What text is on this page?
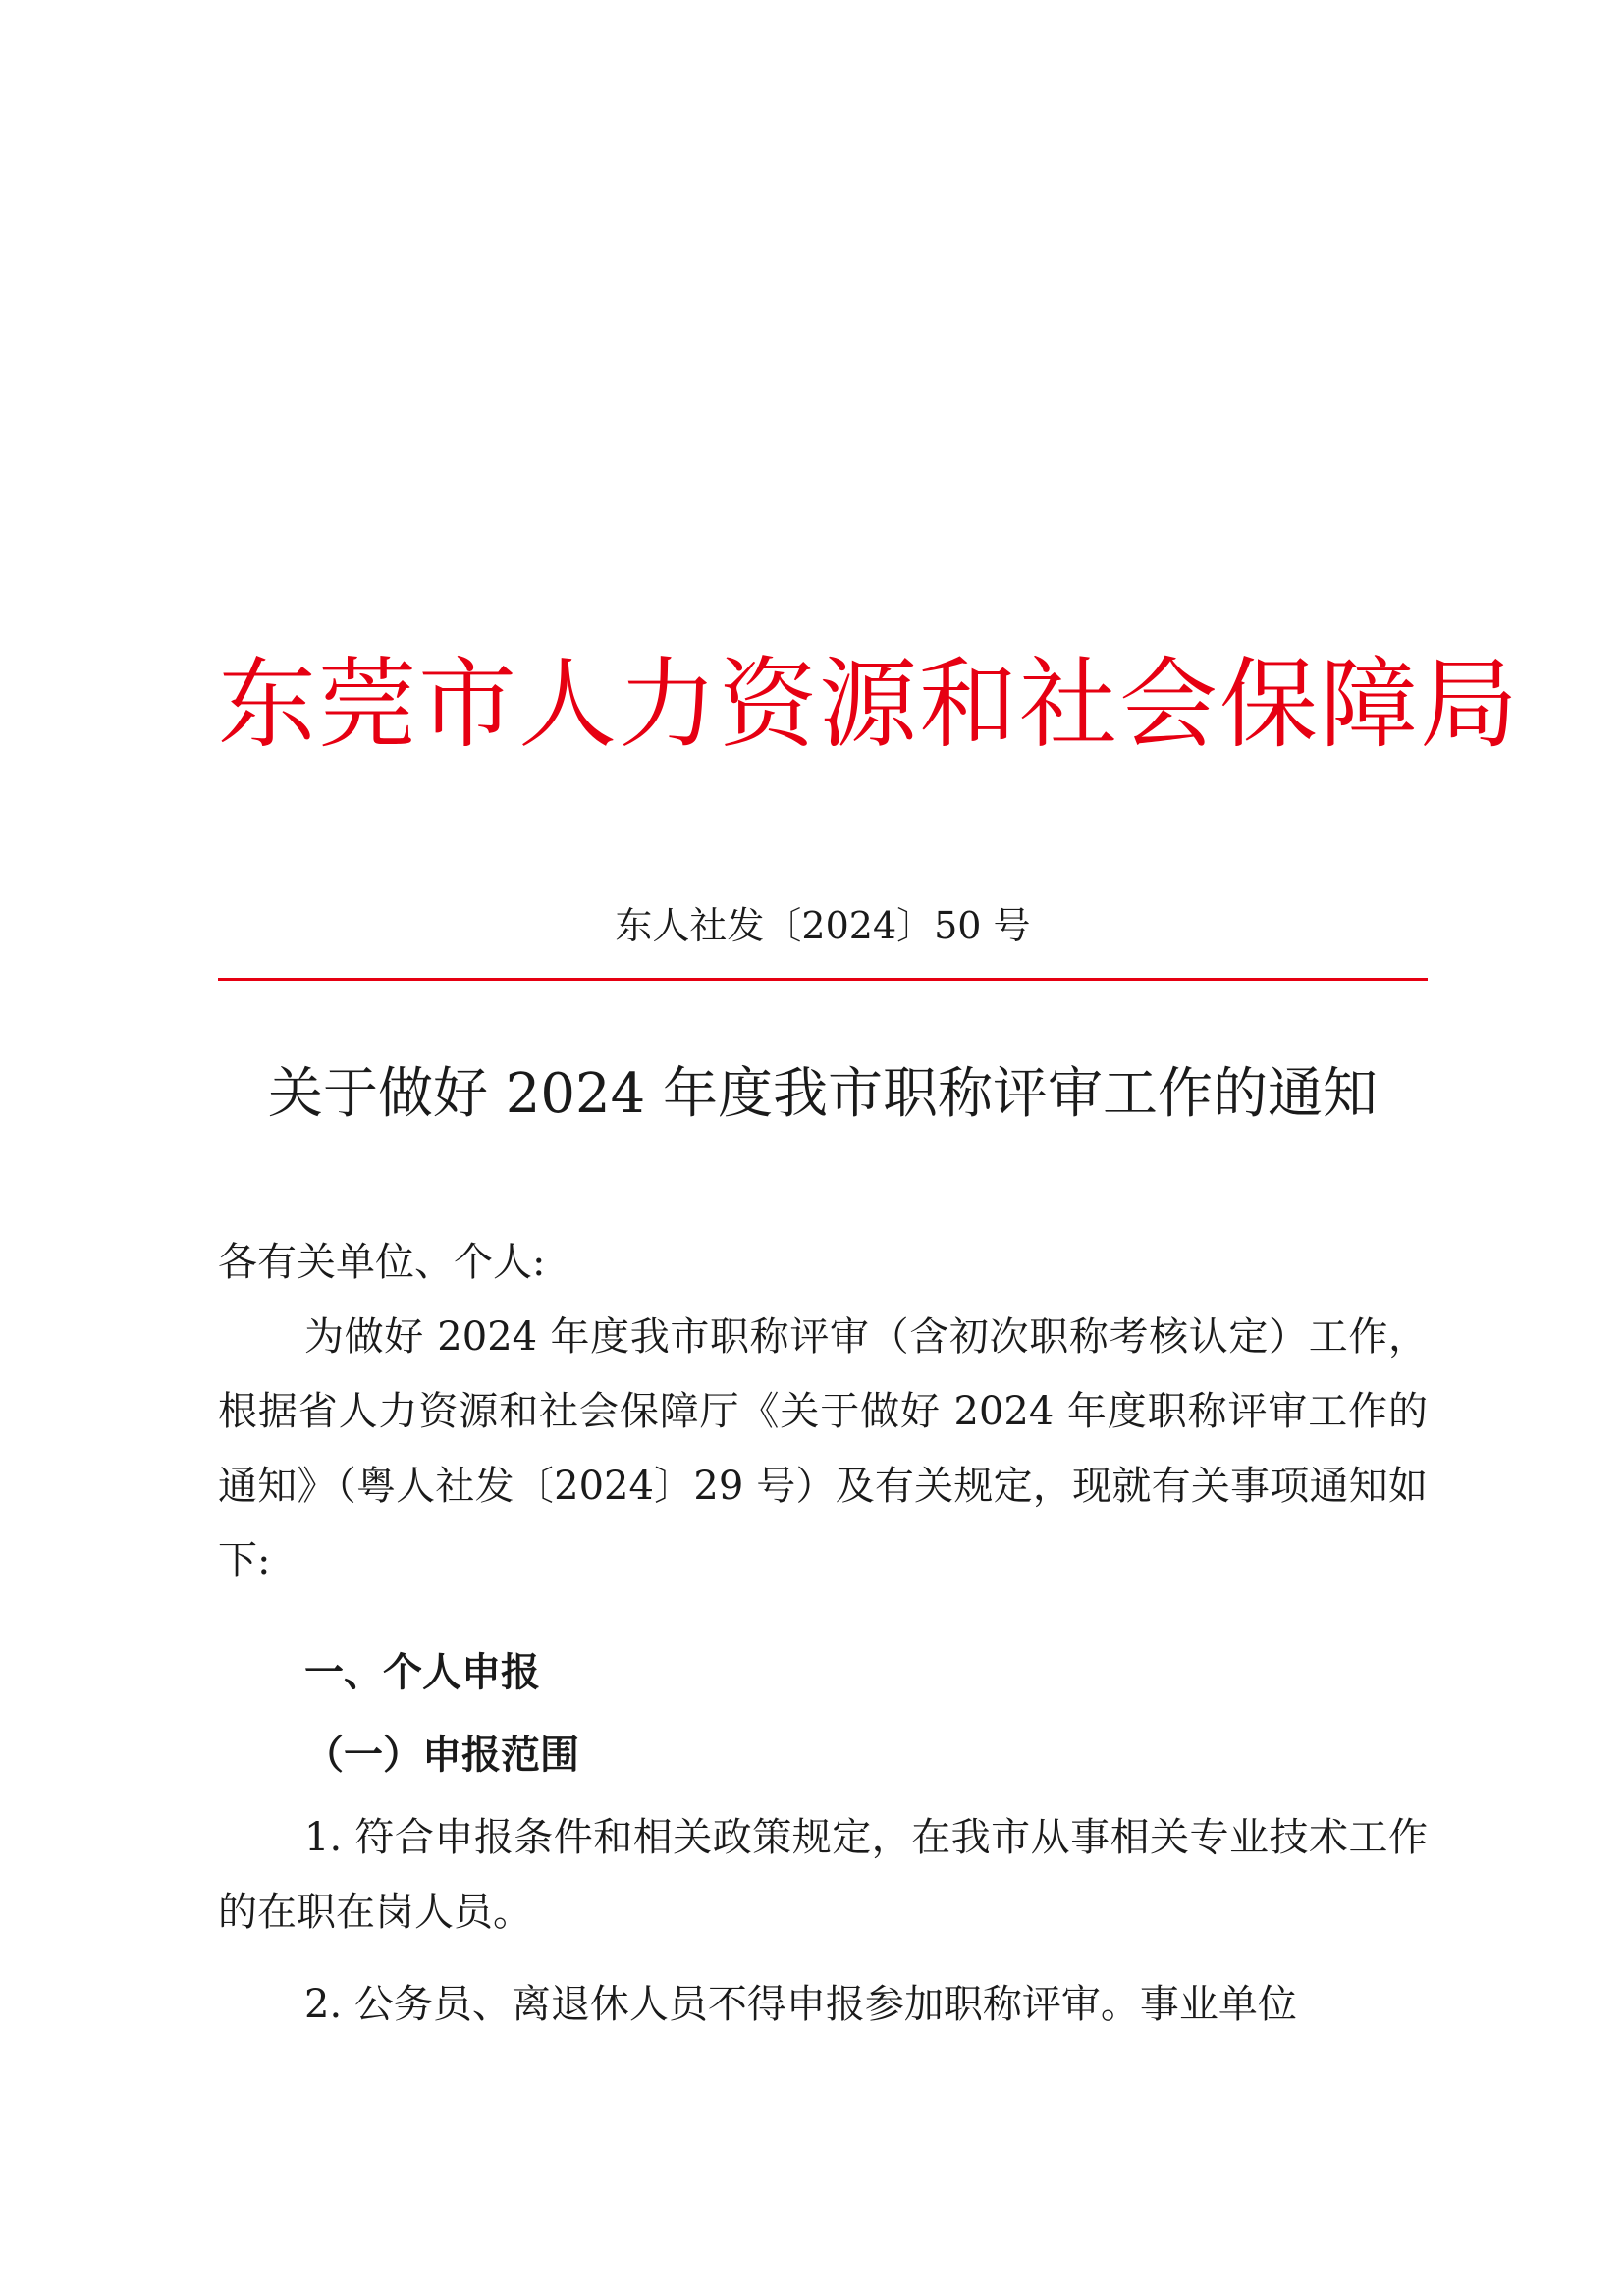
东莞市人力资源和社会保障局
东人社发〔2024〕50 号
关于做好 2024 年度我市职称评审工作的通知
各有关单位、个人:
为做好 2024 年度我市职称评审（含初次职称考核认定）工作，根据省人力资源和社会保障厅《关于做好 2024 年度职称评审工作的通知》（粤人社发〔2024〕29 号）及有关规定，现就有关事项通知如下:
一、个人申报
（一）申报范围
1. 符合申报条件和相关政策规定，在我市从事相关专业技术工作的在职在岗人员。
2. 公务员、离退休人员不得申报参加职称评审。事业单位
